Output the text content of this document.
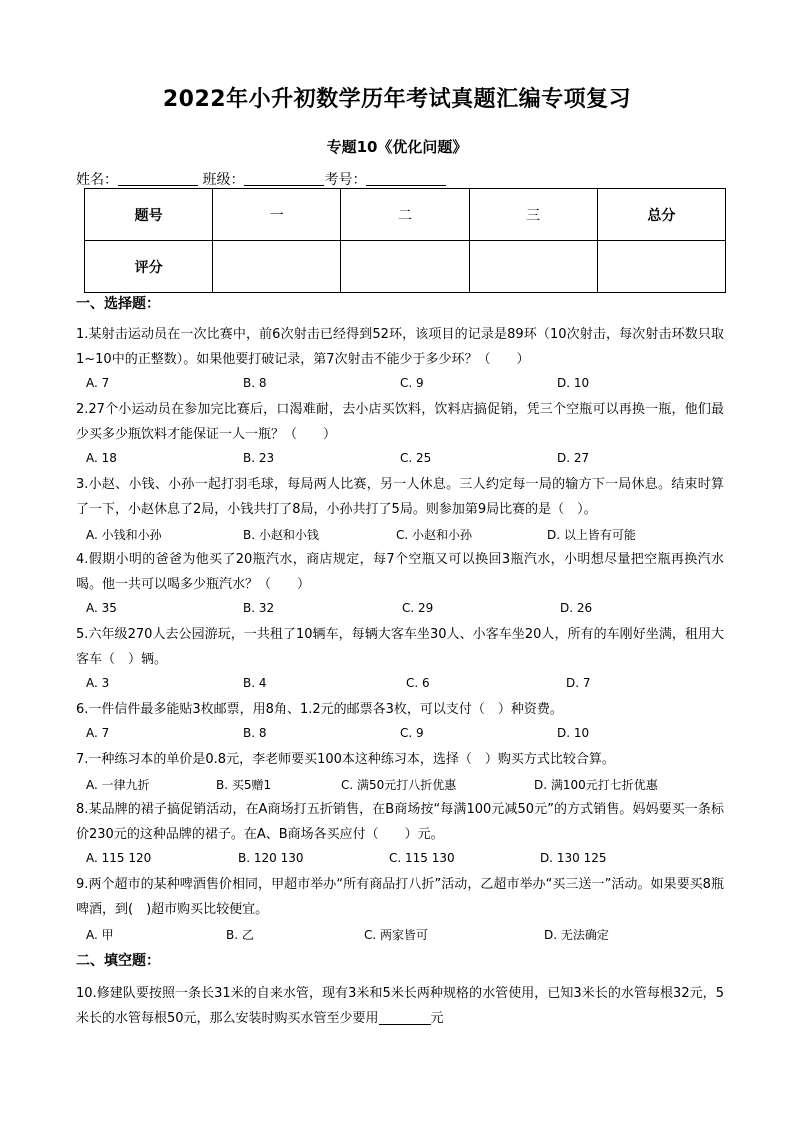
2022年小升初数学历年考试真题汇编专项复习
专题10《优化问题》
姓名：	班级：	考号：
题号	一	二	三	总分
评分				
一、选择题：
1.某射击运动员在一次比赛中，前6次射击已经得到52环，该项目的记录是89环（10次射击，每次射击环数只取1~10中的正整数）。如果他要打破记录，第7次射击不能少于多少环？（　　）
A. 7	B. 8	C. 9	D. 10
2.27个小运动员在参加完比赛后，口渴难耐，去小店买饮料，饮料店搞促销，凭三个空瓶可以再换一瓶，他们最少买多少瓶饮料才能保证一人一瓶？（　　）
A. 18	B. 23	C. 25	D. 27
3.小赵、小钱、小孙一起打羽毛球，每局两人比赛，另一人休息。三人约定每一局的输方下一局休息。结束时算了一下，小赵休息了2局，小钱共打了8局，小孙共打了5局。则参加第9局比赛的是（　）。
A. 小钱和小孙	B. 小赵和小钱	C. 小赵和小孙	D. 以上皆有可能
4.假期小明的爸爸为他买了20瓶汽水，商店规定，每7个空瓶又可以换回3瓶汽水，小明想尽量把空瓶再换汽水喝。他一共可以喝多少瓶汽水？（　　）
A. 35	B. 32	C. 29	D. 26
5.六年级270人去公园游玩，一共租了10辆车，每辆大客车坐30人、小客车坐20人，所有的车刚好坐满，租用大客车（　）辆。
A. 3	B. 4	C. 6	D. 7
6.一件信件最多能贴3枚邮票，用8角、1.2元的邮票各3枚，可以支付（　）种资费。
A. 7	B. 8	C. 9	D. 10
7.一种练习本的单价是0.8元，李老师要买100本这种练习本，选择（　）购买方式比较合算。
A. 一律九折	B. 买5赠1	C. 满50元打八折优惠	D. 满100元打七折优惠
8.某品牌的裙子搞促销活动，在A商场打五折销售，在B商场按“每满100元减50元”的方式销售。妈妈要买一条标价230元的这种品牌的裙子。在A、B商场各买应付（　　）元。
A. 115 120	B. 120 130	C. 115 130	D. 130 125
9.两个超市的某种啤酒售价相同，甲超市举办“所有商品打八折”活动，乙超市举办“买三送一”活动。如果要买8瓶啤酒，到(　)超市购买比较便宜。
A. 甲	B. 乙	C. 两家皆可	D. 无法确定
二、填空题：
10.修建队要按照一条长31米的自来水管，现有3米和5米长两种规格的水管使用，已知3米长的水管每根32元，5米长的水管每根50元，那么安装时购买水管至少要用	元
